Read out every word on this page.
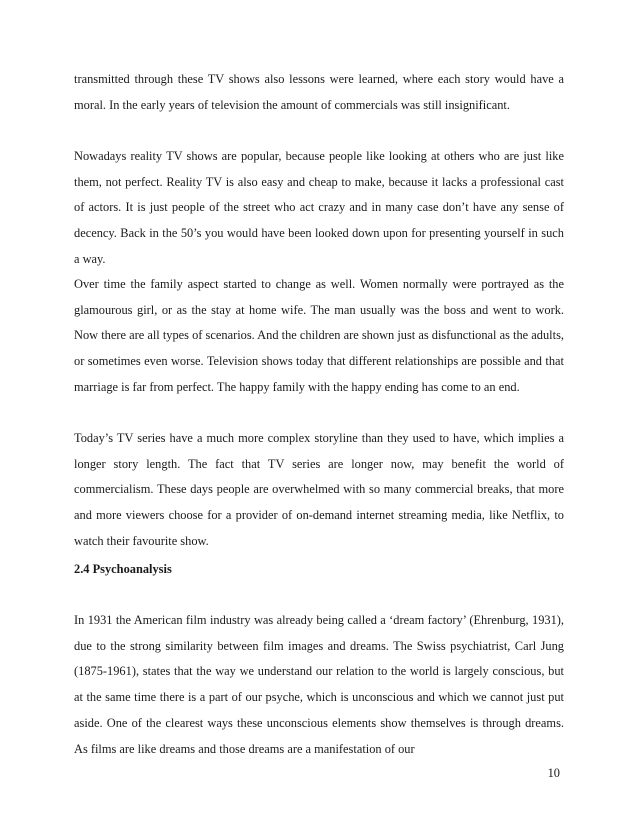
transmitted through these TV shows also lessons were learned, where each story would have a moral. In the early years of television the amount of commercials was still insignificant.

Nowadays reality TV shows are popular, because people like looking at others who are just like them, not perfect. Reality TV is also easy and cheap to make, because it lacks a professional cast of actors. It is just people of the street who act crazy and in many case don’t have any sense of decency. Back in the 50’s you would have been looked down upon for presenting yourself in such a way.

Over time the family aspect started to change as well. Women normally were portrayed as the glamourous girl, or as the stay at home wife. The man usually was the boss and went to work. Now there are all types of scenarios. And the children are shown just as disfunctional as the adults, or sometimes even worse. Television shows today that different relationships are possible and that marriage is far from perfect. The happy family with the happy ending has come to an end.

Today’s TV series have a much more complex storyline than they used to have, which implies a longer story length. The fact that TV series are longer now, may benefit the world of commercialism. These days people are overwhelmed with so many commercial breaks, that more and more viewers choose for a provider of on-demand internet streaming media, like Netflix, to watch their favourite show.

2.4 Psychoanalysis

In 1931 the American film industry was already being called a ‘dream factory’ (Ehrenburg, 1931), due to the strong similarity between film images and dreams. The Swiss psychiatrist, Carl Jung (1875-1961), states that the way we understand our relation to the world is largely conscious, but at the same time there is a part of our psyche, which is unconscious and which we cannot just put aside. One of the clearest ways these unconscious elements show themselves is through dreams. As films are like dreams and those dreams are a manifestation of our

10
